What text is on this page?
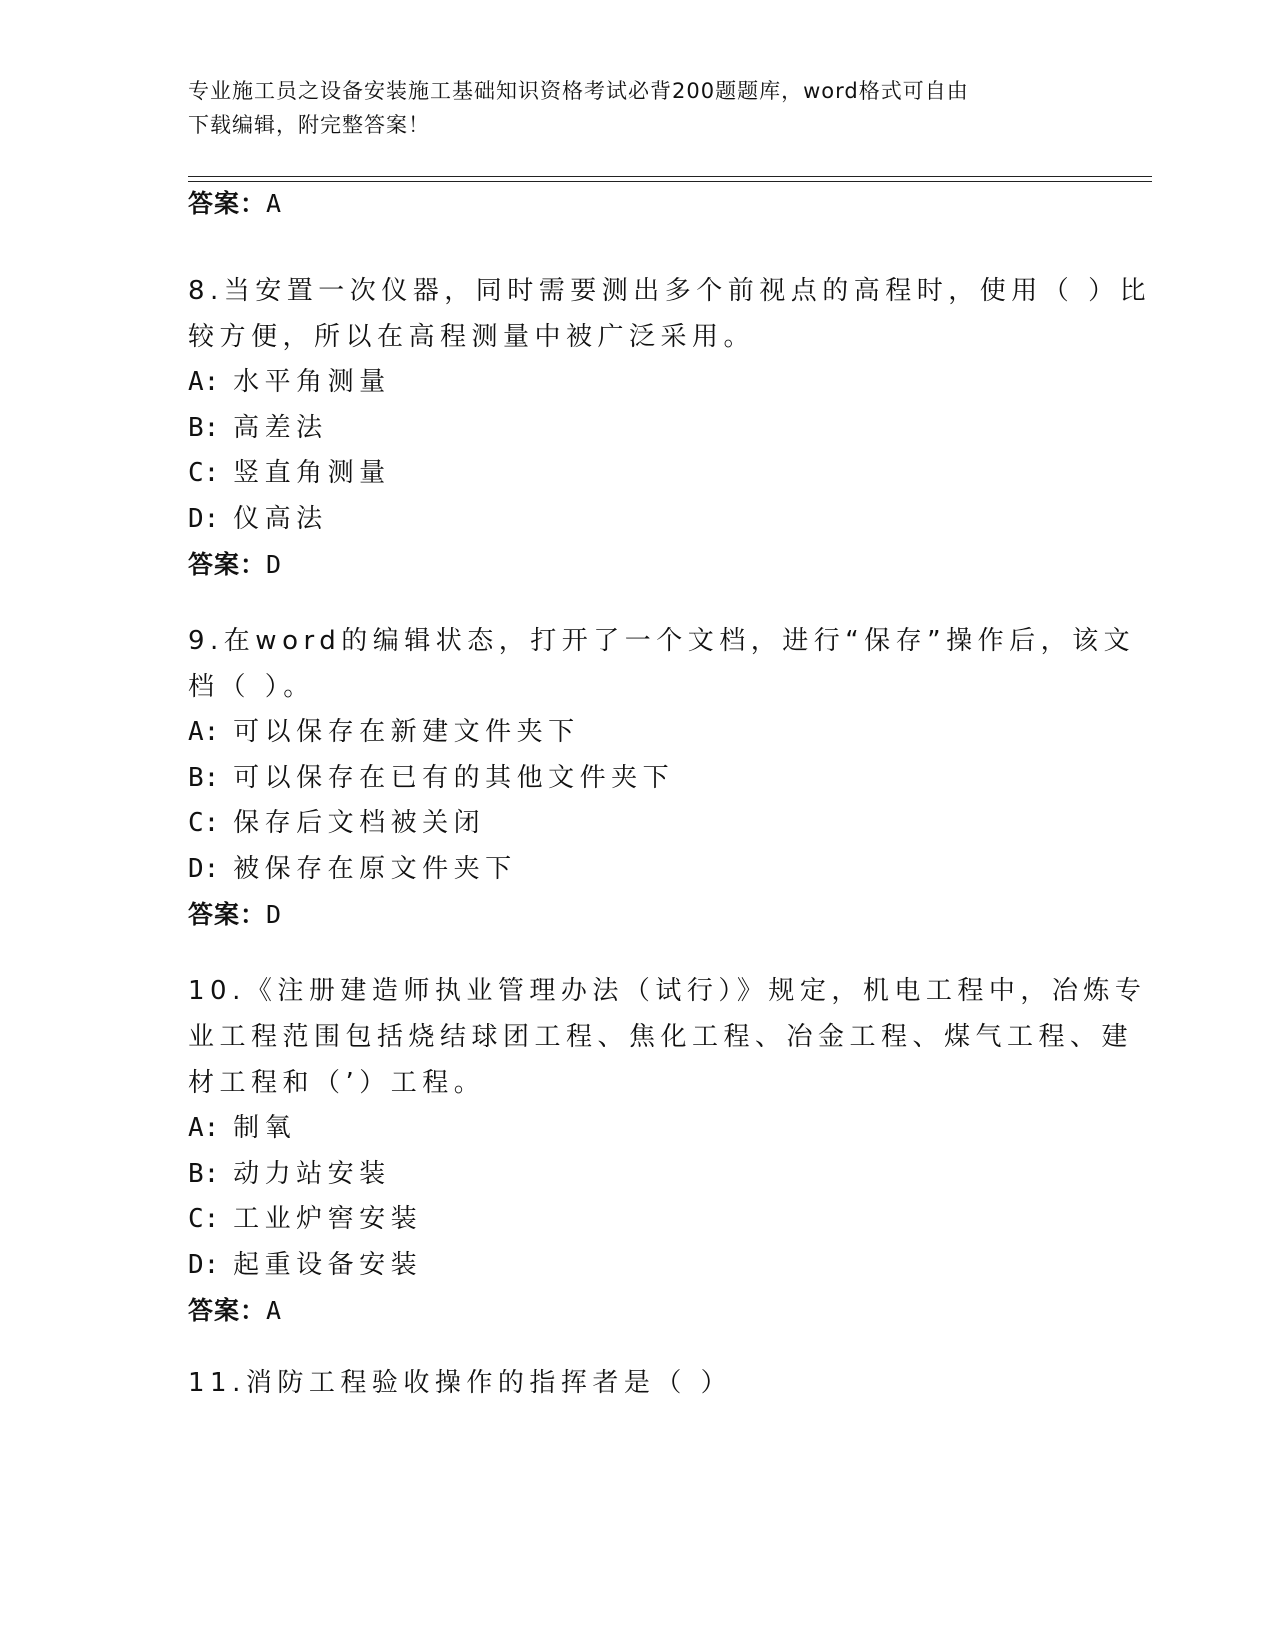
专业施工员之设备安装施工基础知识资格考试必背200题题库，word格式可自由
下载编辑，附完整答案！
答案：A
8.当安置一次仪器，同时需要测出多个前视点的高程时，使用（ ）比
较方便，所以在高程测量中被广泛采用。
A: 水平角测量
B: 高差法
C: 竖直角测量
D: 仪高法
答案：D
9.在word的编辑状态，打开了一个文档，进行“保存”操作后，该文
档（ ）。
A: 可以保存在新建文件夹下
B: 可以保存在已有的其他文件夹下
C: 保存后文档被关闭
D: 被保存在原文件夹下
答案：D
10.《注册建造师执业管理办法（试行）》规定，机电工程中，冶炼专
业工程范围包括烧结球团工程、焦化工程、冶金工程、煤气工程、建
材工程和（’）工程。
A: 制氧
B: 动力站安装
C: 工业炉窖安装
D: 起重设备安装
答案：A
11.消防工程验收操作的指挥者是（ ）
